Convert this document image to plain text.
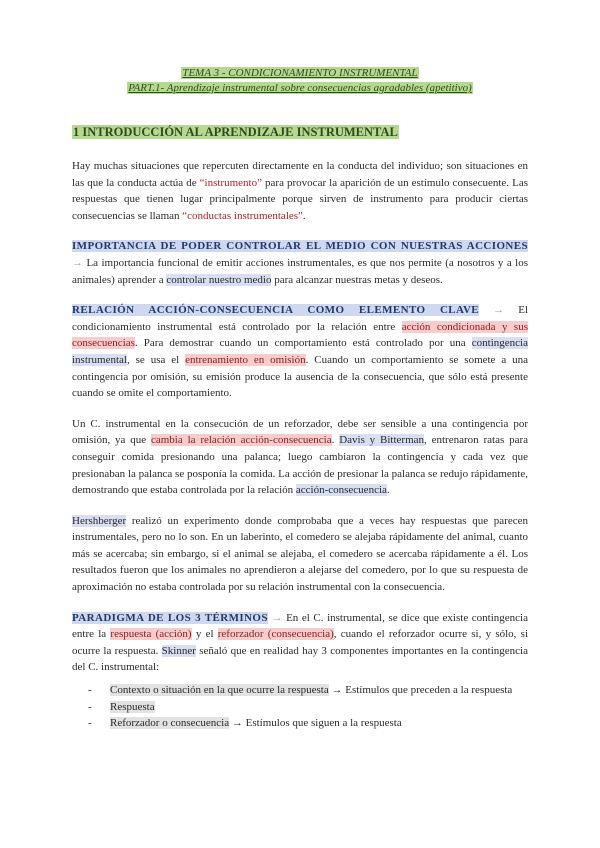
TEMA 3 - CONDICIONAMIENTO INSTRUMENTAL
PART.1- Aprendizaje instrumental sobre consecuencias agradables (apetitivo)
1 INTRODUCCIÓN AL APRENDIZAJE INSTRUMENTAL

Hay muchas situaciones que repercuten directamente en la conducta del individuo; son situaciones en las que la conducta actúa de “instrumento” para provocar la aparición de un estímulo consecuente. Las respuestas que tienen lugar principalmente porque sirven de instrumento para producir ciertas consecuencias se llaman “conductas instrumentales”.

IMPORTANCIA DE PODER CONTROLAR EL MEDIO CON NUESTRAS ACCIONES → La importancia funcional de emitir acciones instrumentales, es que nos permite (a nosotros y a los animales) aprender a controlar nuestro medio para alcanzar nuestras metas y deseos.

RELACIÓN ACCIÓN-CONSECUENCIA COMO ELEMENTO CLAVE → El condicionamiento instrumental está controlado por la relación entre acción condicionada y sus consecuencias. Para demostrar cuando un comportamiento está controlado por una contingencia instrumental, se usa el entrenamiento en omisión. Cuando un comportamiento se somete a una contingencia por omisión, su emisión produce la ausencia de la consecuencia, que sólo está presente cuando se omite el comportamiento.

Un C. instrumental en la consecución de un reforzador, debe ser sensible a una contingencia por omisión, ya que cambia la relación acción-consecuencia. Davis y Bitterman, entrenaron ratas para conseguir comida presionando una palanca; luego cambiaron la contingencia y cada vez que presionaban la palanca se posponía la comida. La acción de presionar la palanca se redujo rápidamente, demostrando que estaba controlada por la relación acción-consecuencia.

Hershberger realizó un experimento donde comprobaba que a veces hay respuestas que parecen instrumentales, pero no lo son. En un laberinto, el comedero se alejaba rápidamente del animal, cuanto más se acercaba; sin embargo, si el animal se alejaba, el comedero se acercaba rápidamente a él. Los resultados fueron que los animales no aprendieron a alejarse del comedero, por lo que su respuesta de aproximación no estaba controlada por su relación instrumental con la consecuencia.

PARADIGMA DE LOS 3 TÉRMINOS → En el C. instrumental, se dice que existe contingencia entre la respuesta (acción) y el reforzador (consecuencia), cuando el reforzador ocurre si, y sólo, si ocurre la respuesta. Skinner señaló que en realidad hay 3 componentes importantes en la contingencia del C. instrumental:

- Contexto o situación en la que ocurre la respuesta → Estímulos que preceden a la respuesta
- Respuesta
- Reforzador o consecuencia → Estímulos que siguen a la respuesta
